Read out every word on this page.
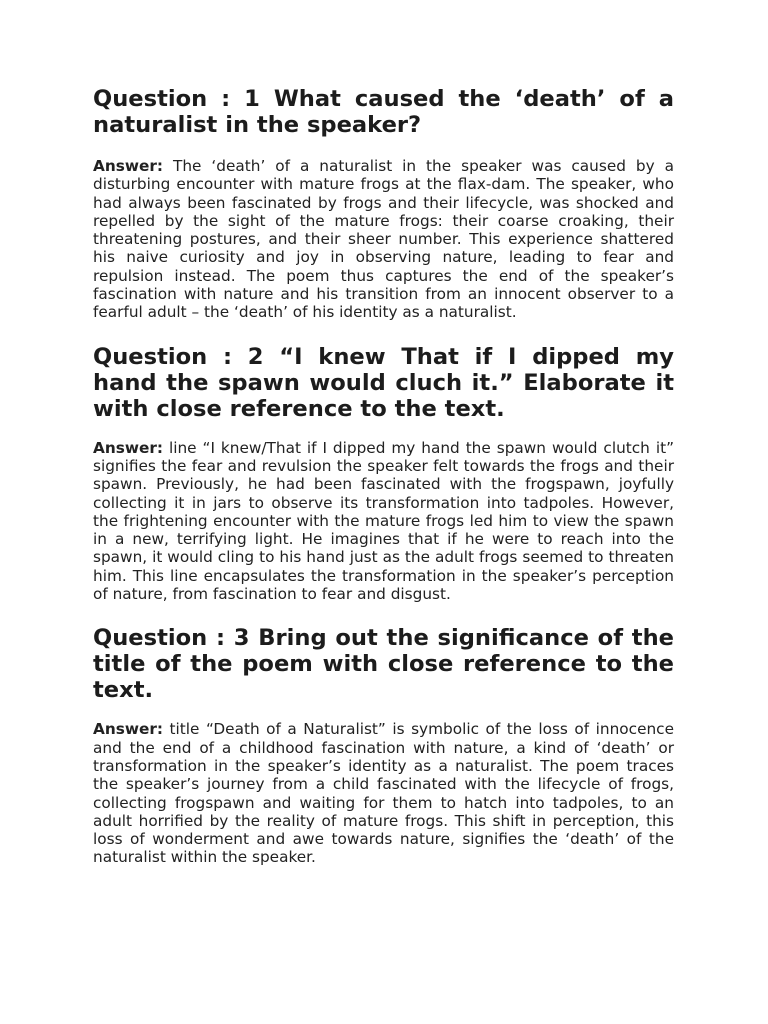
Question : 1 What caused the ‘death’ of a naturalist in the speaker?

Answer: The ‘death’ of a naturalist in the speaker was caused by a disturbing encounter with mature frogs at the flax-dam. The speaker, who had always been fascinated by frogs and their lifecycle, was shocked and repelled by the sight of the mature frogs: their coarse croaking, their threatening postures, and their sheer number. This experience shattered his naive curiosity and joy in observing nature, leading to fear and repulsion instead. The poem thus captures the end of the speaker’s fascination with nature and his transition from an innocent observer to a fearful adult – the ‘death’ of his identity as a naturalist.

Question : 2 “I knew That if I dipped my hand the spawn would cluch it.” Elaborate it with close reference to the text.

Answer: line “I knew/That if I dipped my hand the spawn would clutch it” signifies the fear and revulsion the speaker felt towards the frogs and their spawn. Previously, he had been fascinated with the frogspawn, joyfully collecting it in jars to observe its transformation into tadpoles. However, the frightening encounter with the mature frogs led him to view the spawn in a new, terrifying light. He imagines that if he were to reach into the spawn, it would cling to his hand just as the adult frogs seemed to threaten him. This line encapsulates the transformation in the speaker’s perception of nature, from fascination to fear and disgust.

Question : 3 Bring out the significance of the title of the poem with close reference to the text.

Answer: title “Death of a Naturalist” is symbolic of the loss of innocence and the end of a childhood fascination with nature, a kind of ‘death’ or transformation in the speaker’s identity as a naturalist. The poem traces the speaker’s journey from a child fascinated with the lifecycle of frogs, collecting frogspawn and waiting for them to hatch into tadpoles, to an adult horrified by the reality of mature frogs. This shift in perception, this loss of wonderment and awe towards nature, signifies the ‘death’ of the naturalist within the speaker.
